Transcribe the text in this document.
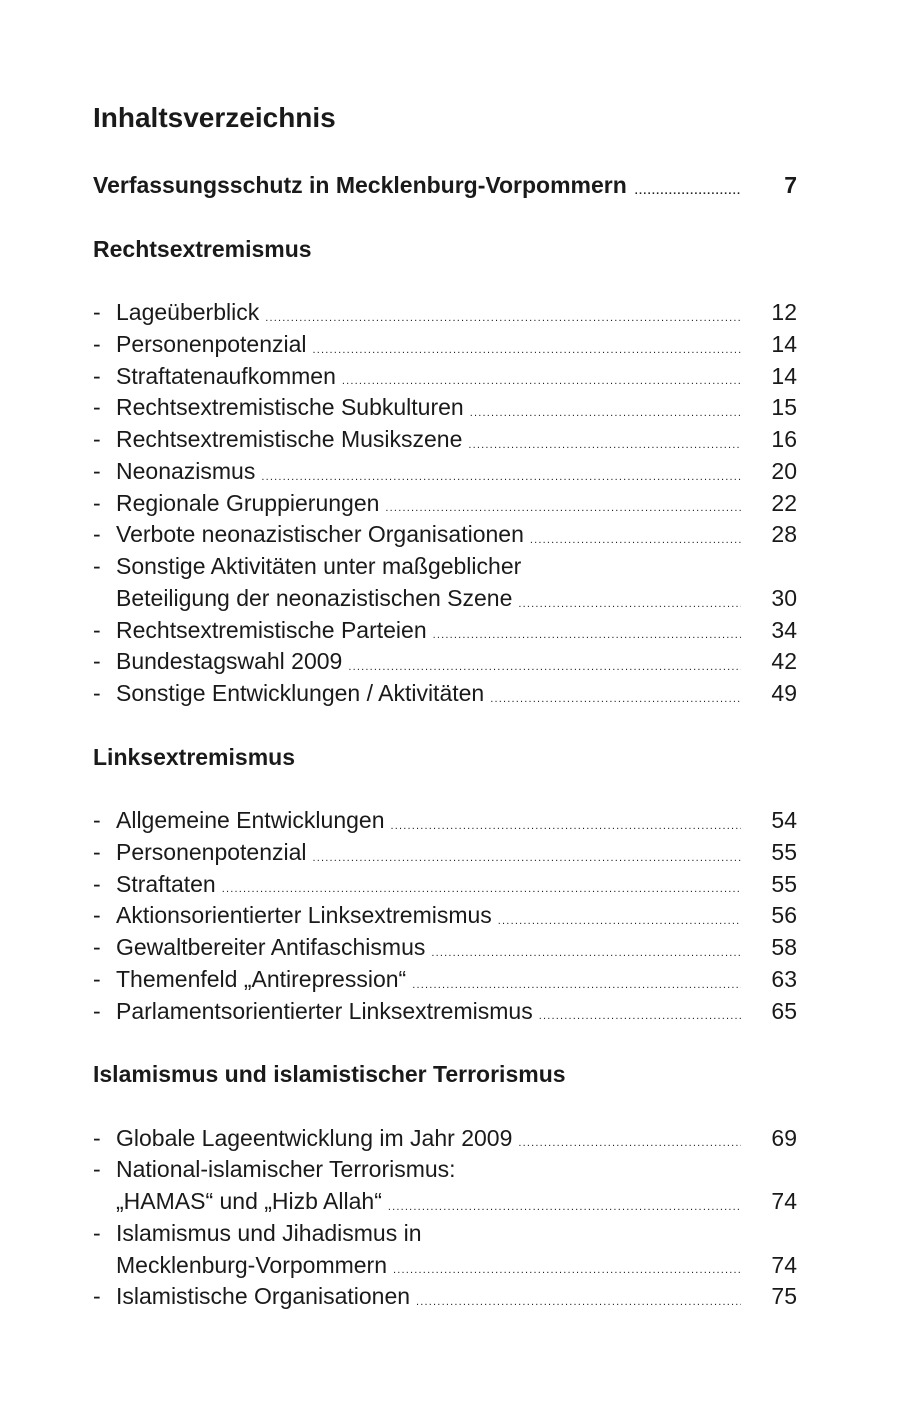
Inhaltsverzeichnis
Verfassungsschutz in Mecklenburg-Vorpommern .....	7
Rechtsextremismus
- Lageüberblick .....	12
- Personenpotenzial .....	14
- Straftatenaufkommen .....	14
- Rechtsextremistische Subkulturen .....	15
- Rechtsextremistische Musikszene .....	16
- Neonazismus .....	20
- Regionale Gruppierungen .....	22
- Verbote neonazistischer Organisationen .....	28
- Sonstige Aktivitäten unter maßgeblicher
Beteiligung der neonazistischen Szene .....	30
- Rechtsextremistische Parteien .....	34
- Bundestagswahl 2009 .....	42
- Sonstige Entwicklungen / Aktivitäten .....	49
Linksextremismus
- Allgemeine Entwicklungen .....	54
- Personenpotenzial .....	55
- Straftaten .....	55
- Aktionsorientierter Linksextremismus .....	56
- Gewaltbereiter Antifaschismus .....	58
- Themenfeld „Antirepression“ .....	63
- Parlamentsorientierter Linksextremismus .....	65
Islamismus und islamistischer Terrorismus
- Globale Lageentwicklung im Jahr 2009 .....	69
- National-islamischer Terrorismus:
„HAMAS“ und „Hizb Allah“ .....	74
- Islamismus und Jihadismus in
Mecklenburg-Vorpommern .....	74
- Islamistische Organisationen .....	75
